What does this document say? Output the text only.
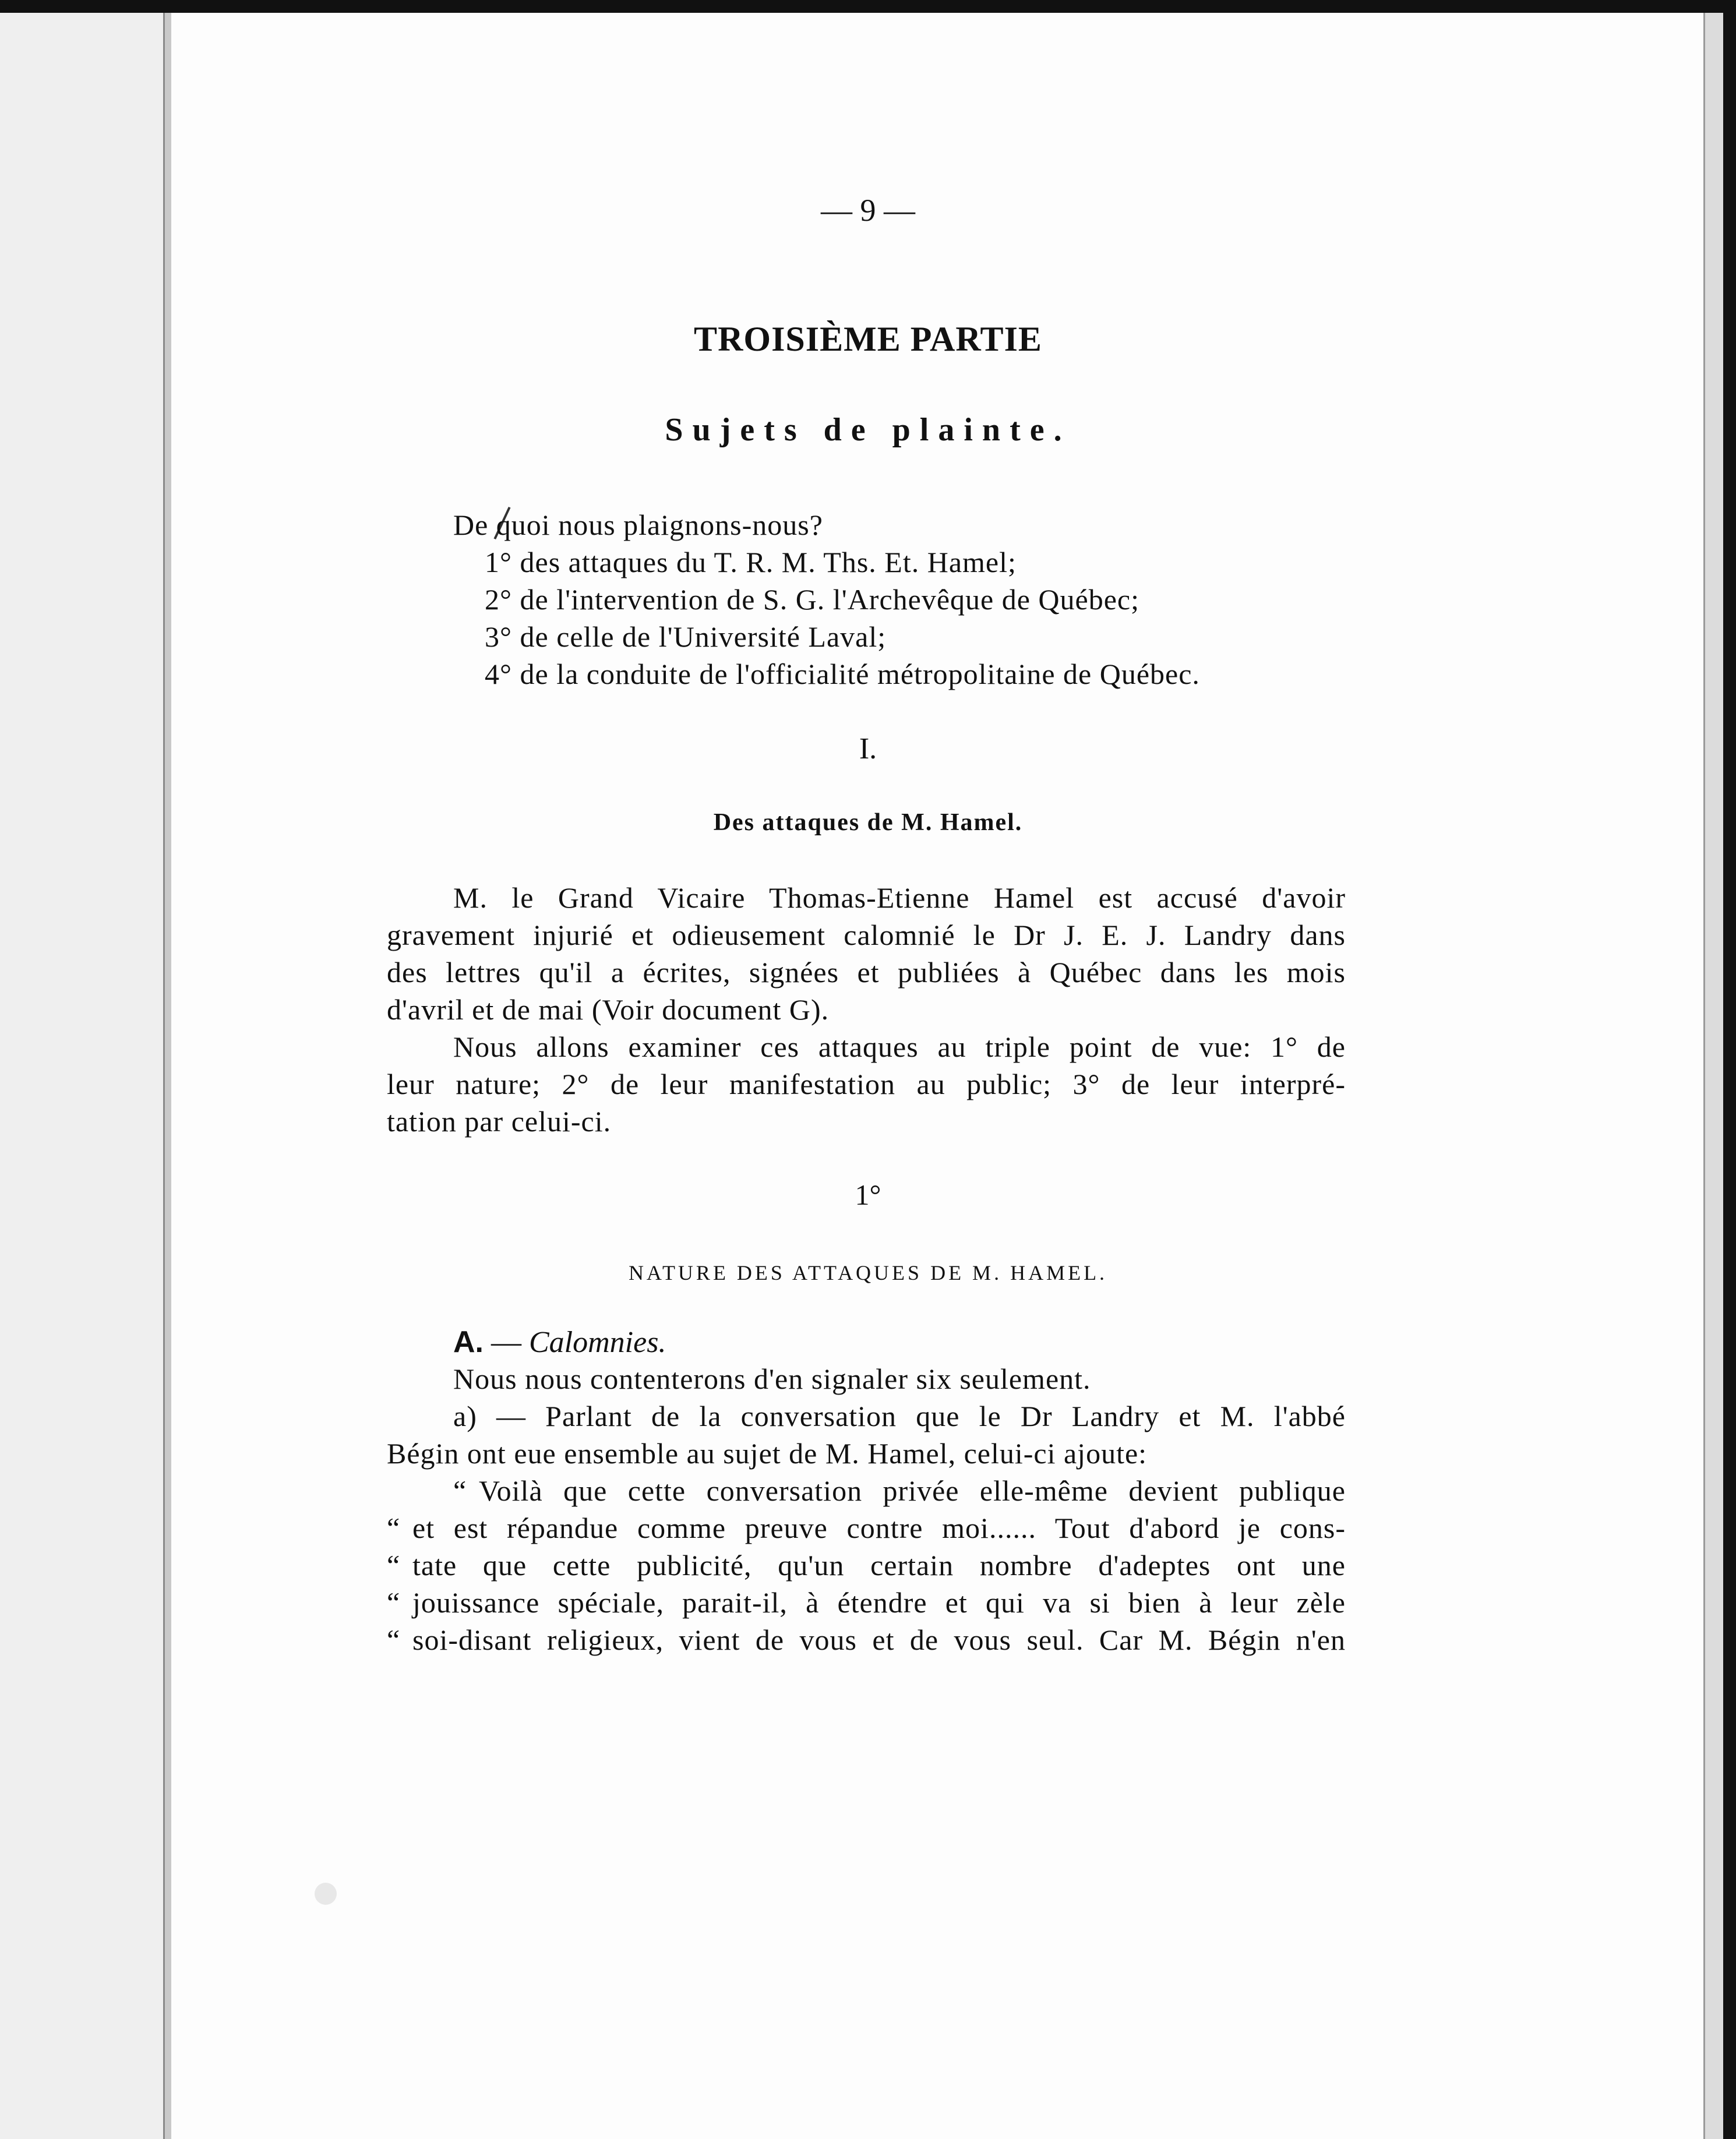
— 9 —
TROISIÈME PARTIE
Sujets de plainte.
De quoi nous plaignons-nous?
1° des attaques du T. R. M. Ths. Et. Hamel;
2° de l'intervention de S. G. l'Archevêque de Québec;
3° de celle de l'Université Laval;
4° de la conduite de l'officialité métropolitaine de Québec.
I.
Des attaques de M. Hamel.
M. le Grand Vicaire Thomas-Etienne Hamel est accusé d'avoir
gravement injurié et odieusement calomnié le Dr J. E. J. Landry dans
des lettres qu'il a écrites, signées et publiées à Québec dans les mois
d'avril et de mai (Voir document G).
Nous allons examiner ces attaques au triple point de vue: 1° de
leur nature; 2° de leur manifestation au public; 3° de leur interpré-
tation par celui-ci.
1°
NATURE DES ATTAQUES DE M. HAMEL.
A. — Calomnies.
Nous nous contenterons d'en signaler six seulement.
a) — Parlant de la conversation que le Dr Landry et M. l'abbé
Bégin ont eue ensemble au sujet de M. Hamel, celui-ci ajoute:
“ Voilà que cette conversation privée elle-même devient publique
“ et est répandue comme preuve contre moi...... Tout d'abord je cons-
“ tate que cette publicité, qu'un certain nombre d'adeptes ont une
“ jouissance spéciale, parait-il, à étendre et qui va si bien à leur zèle
“ soi-disant religieux, vient de vous et de vous seul. Car M. Bégin n'en
